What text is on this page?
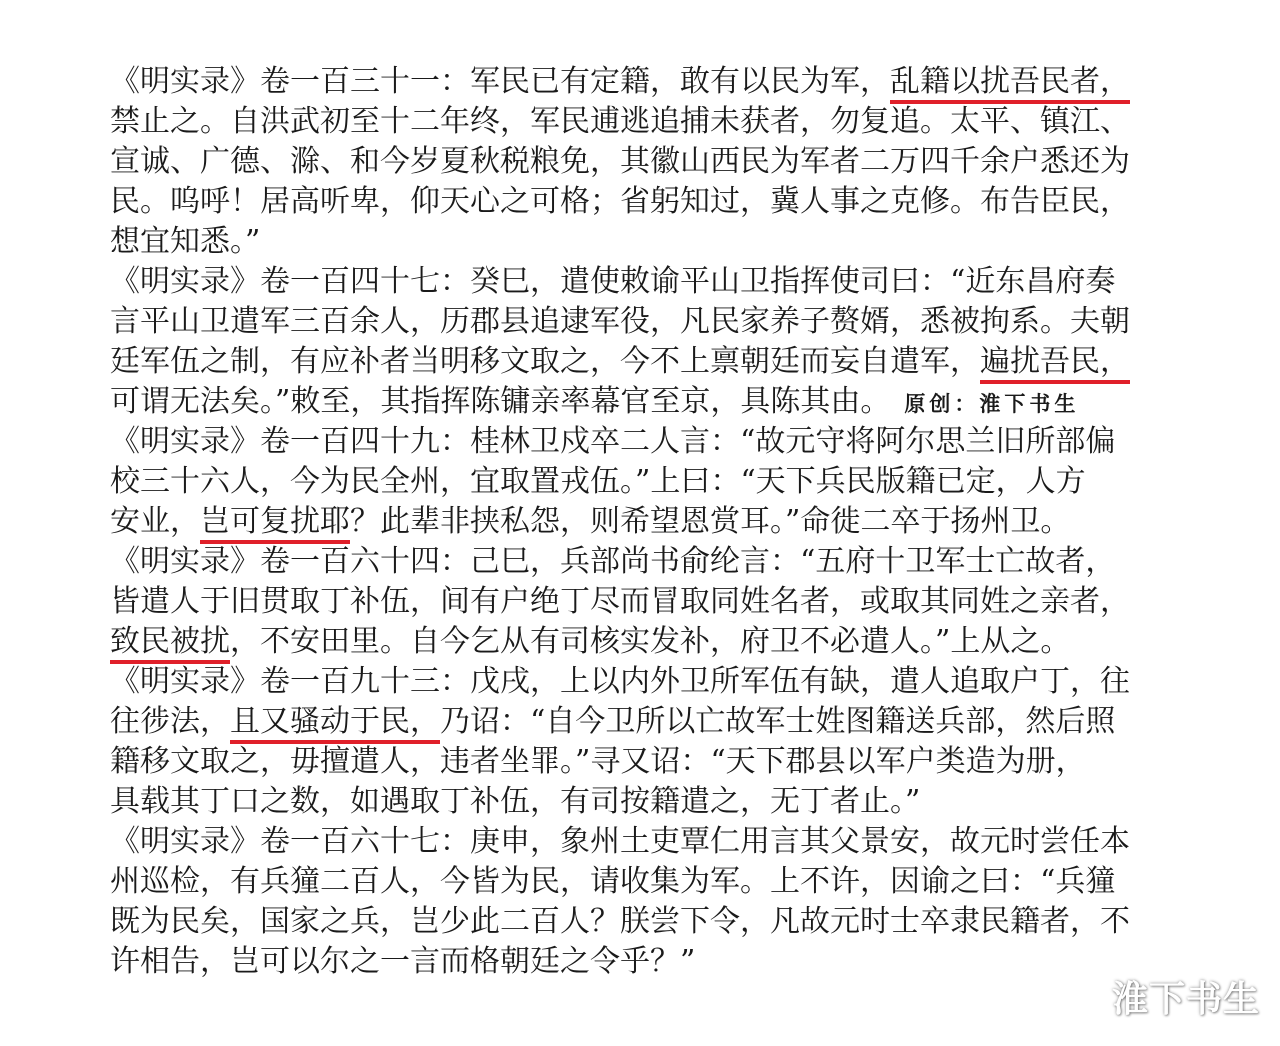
《明实录》卷一百三十一：军民已有定籍，敢有以民为军，乱籍以扰吾民者，
禁止之。自洪武初至十二年终，军民逋逃追捕未获者，勿复追。太平、镇江、
宣诚、广德、滁、和今岁夏秋税粮免，其徽山西民为军者二万四千余户悉还为
民。呜呼！居高听卑，仰天心之可格；省躬知过，冀人事之克修。布告臣民，
想宜知悉。”
《明实录》卷一百四十七：癸巳，遣使敕谕平山卫指挥使司曰：“近东昌府奏
言平山卫遣军三百余人，历郡县追逮军役，凡民家养子赘婿，悉被拘系。夫朝
廷军伍之制，有应补者当明移文取之，今不上禀朝廷而妄自遣军，遍扰吾民，
可谓无法矣。”敕至，其指挥陈镛亲率幕官至京，具陈其由。 原创：淮下书生
《明实录》卷一百四十九：桂林卫戍卒二人言：“故元守将阿尔思兰旧所部偏
校三十六人，今为民全州，宜取置戎伍。”上曰：“天下兵民版籍已定，人方
安业，岂可复扰耶？此辈非挟私怨，则希望恩赏耳。”命徙二卒于扬州卫。
《明实录》卷一百六十四：己巳，兵部尚书俞纶言：“五府十卫军士亡故者，
皆遣人于旧贯取丁补伍，间有户绝丁尽而冒取同姓名者，或取其同姓之亲者，
致民被扰，不安田里。自今乞从有司核实发补，府卫不必遣人。”上从之。
《明实录》卷一百九十三：戊戌，上以内外卫所军伍有缺，遣人追取户丁，往
往徏法，且又骚动于民，乃诏：“自今卫所以亡故军士姓图籍送兵部，然后照
籍移文取之，毋擅遣人，违者坐罪。”寻又诏：“天下郡县以军户类造为册，
具载其丁口之数，如遇取丁补伍，有司按籍遣之，无丁者止。”
《明实录》卷一百六十七：庚申，象州土吏覃仁用言其父景安，故元时尝任本
州巡检，有兵獞二百人，今皆为民，请收集为军。上不许，因谕之曰：“兵獞
既为民矣，国家之兵，岂少此二百人？朕尝下令，凡故元时士卒隶民籍者，不
许相告，岂可以尔之一言而格朝廷之令乎？”
淮下书生
